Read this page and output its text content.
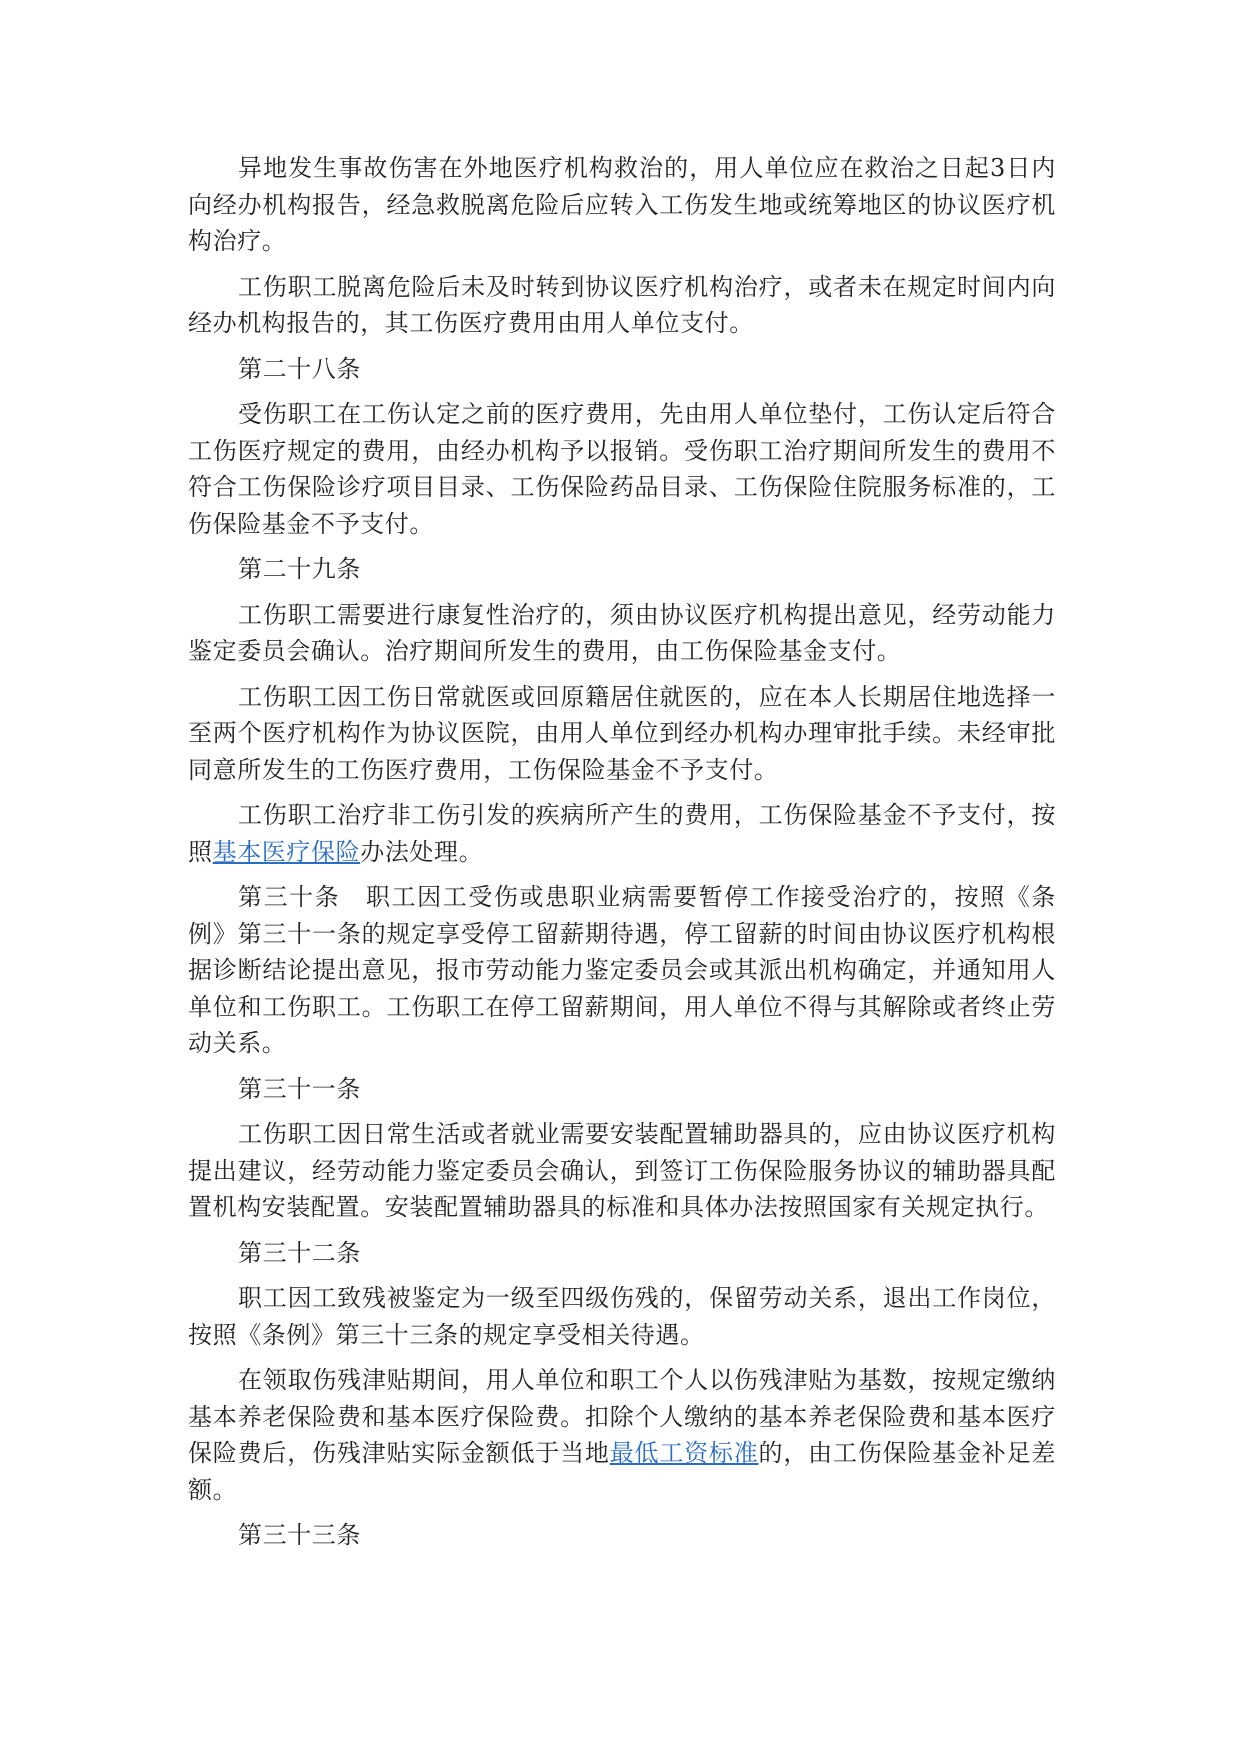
异地发生事故伤害在外地医疗机构救治的，用人单位应在救治之日起3日内向经办机构报告，经急救脱离危险后应转入工伤发生地或统筹地区的协议医疗机构治疗。

工伤职工脱离危险后未及时转到协议医疗机构治疗，或者未在规定时间内向经办机构报告的，其工伤医疗费用由用人单位支付。

第二十八条

受伤职工在工伤认定之前的医疗费用，先由用人单位垫付，工伤认定后符合工伤医疗规定的费用，由经办机构予以报销。受伤职工治疗期间所发生的费用不符合工伤保险诊疗项目目录、工伤保险药品目录、工伤保险住院服务标准的，工伤保险基金不予支付。

第二十九条

工伤职工需要进行康复性治疗的，须由协议医疗机构提出意见，经劳动能力鉴定委员会确认。治疗期间所发生的费用，由工伤保险基金支付。

工伤职工因工伤日常就医或回原籍居住就医的，应在本人长期居住地选择一至两个医疗机构作为协议医院，由用人单位到经办机构办理审批手续。未经审批同意所发生的工伤医疗费用，工伤保险基金不予支付。

工伤职工治疗非工伤引发的疾病所产生的费用，工伤保险基金不予支付，按照基本医疗保险办法处理。

第三十条　职工因工受伤或患职业病需要暂停工作接受治疗的，按照《条例》第三十一条的规定享受停工留薪期待遇，停工留薪的时间由协议医疗机构根据诊断结论提出意见，报市劳动能力鉴定委员会或其派出机构确定，并通知用人单位和工伤职工。工伤职工在停工留薪期间，用人单位不得与其解除或者终止劳动关系。

第三十一条

工伤职工因日常生活或者就业需要安装配置辅助器具的，应由协议医疗机构提出建议，经劳动能力鉴定委员会确认，到签订工伤保险服务协议的辅助器具配置机构安装配置。安装配置辅助器具的标准和具体办法按照国家有关规定执行。

第三十二条

职工因工致残被鉴定为一级至四级伤残的，保留劳动关系，退出工作岗位，按照《条例》第三十三条的规定享受相关待遇。

在领取伤残津贴期间，用人单位和职工个人以伤残津贴为基数，按规定缴纳基本养老保险费和基本医疗保险费。扣除个人缴纳的基本养老保险费和基本医疗保险费后，伤残津贴实际金额低于当地最低工资标准的，由工伤保险基金补足差额。

第三十三条
